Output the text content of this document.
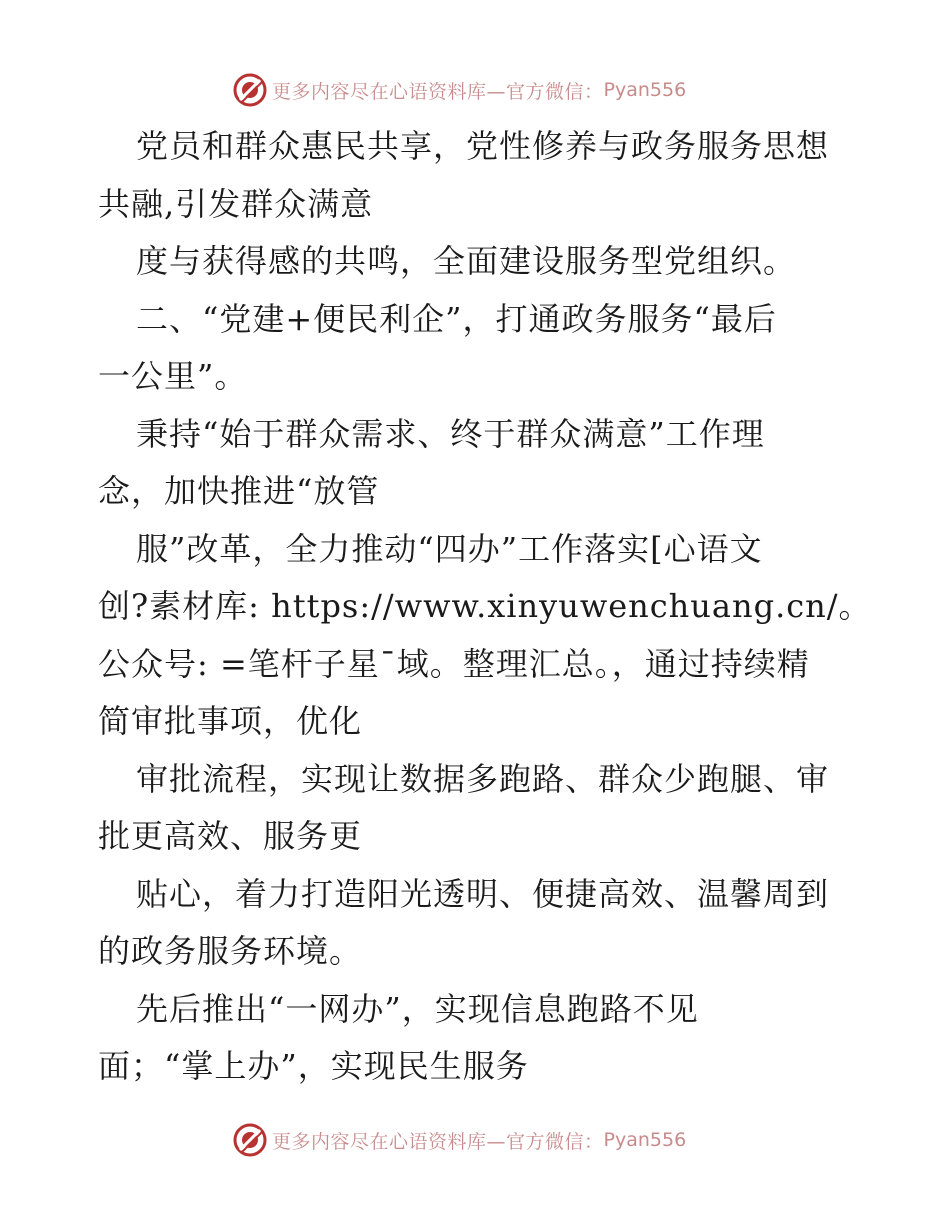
更多内容尽在心语资料库—官方微信： Pyan556
党员和群众惠民共享，党性修养与政务服务思想
共融,引发群众满意
度与获得感的共鸣，全面建设服务型党组织。
二、“党建+便民利企”，打通政务服务“最后
一公里”。
秉持“始于群众需求、终于群众满意”工作理
念，加快推进“放管
服”改革，全力推动“四办”工作落实[心语文
创?素材库: https://www.xinyuwenchuang.cn/。
公众号: =笔杆子星¯域。整理汇总。，通过持续精
简审批事项，优化
审批流程，实现让数据多跑路、群众少跑腿、审
批更高效、服务更
贴心，着力打造阳光透明、便捷高效、温馨周到
的政务服务环境。
先后推出“一网办”，实现信息跑路不见
面；“掌上办”，实现民生服务
更多内容尽在心语资料库—官方微信： Pyan556
